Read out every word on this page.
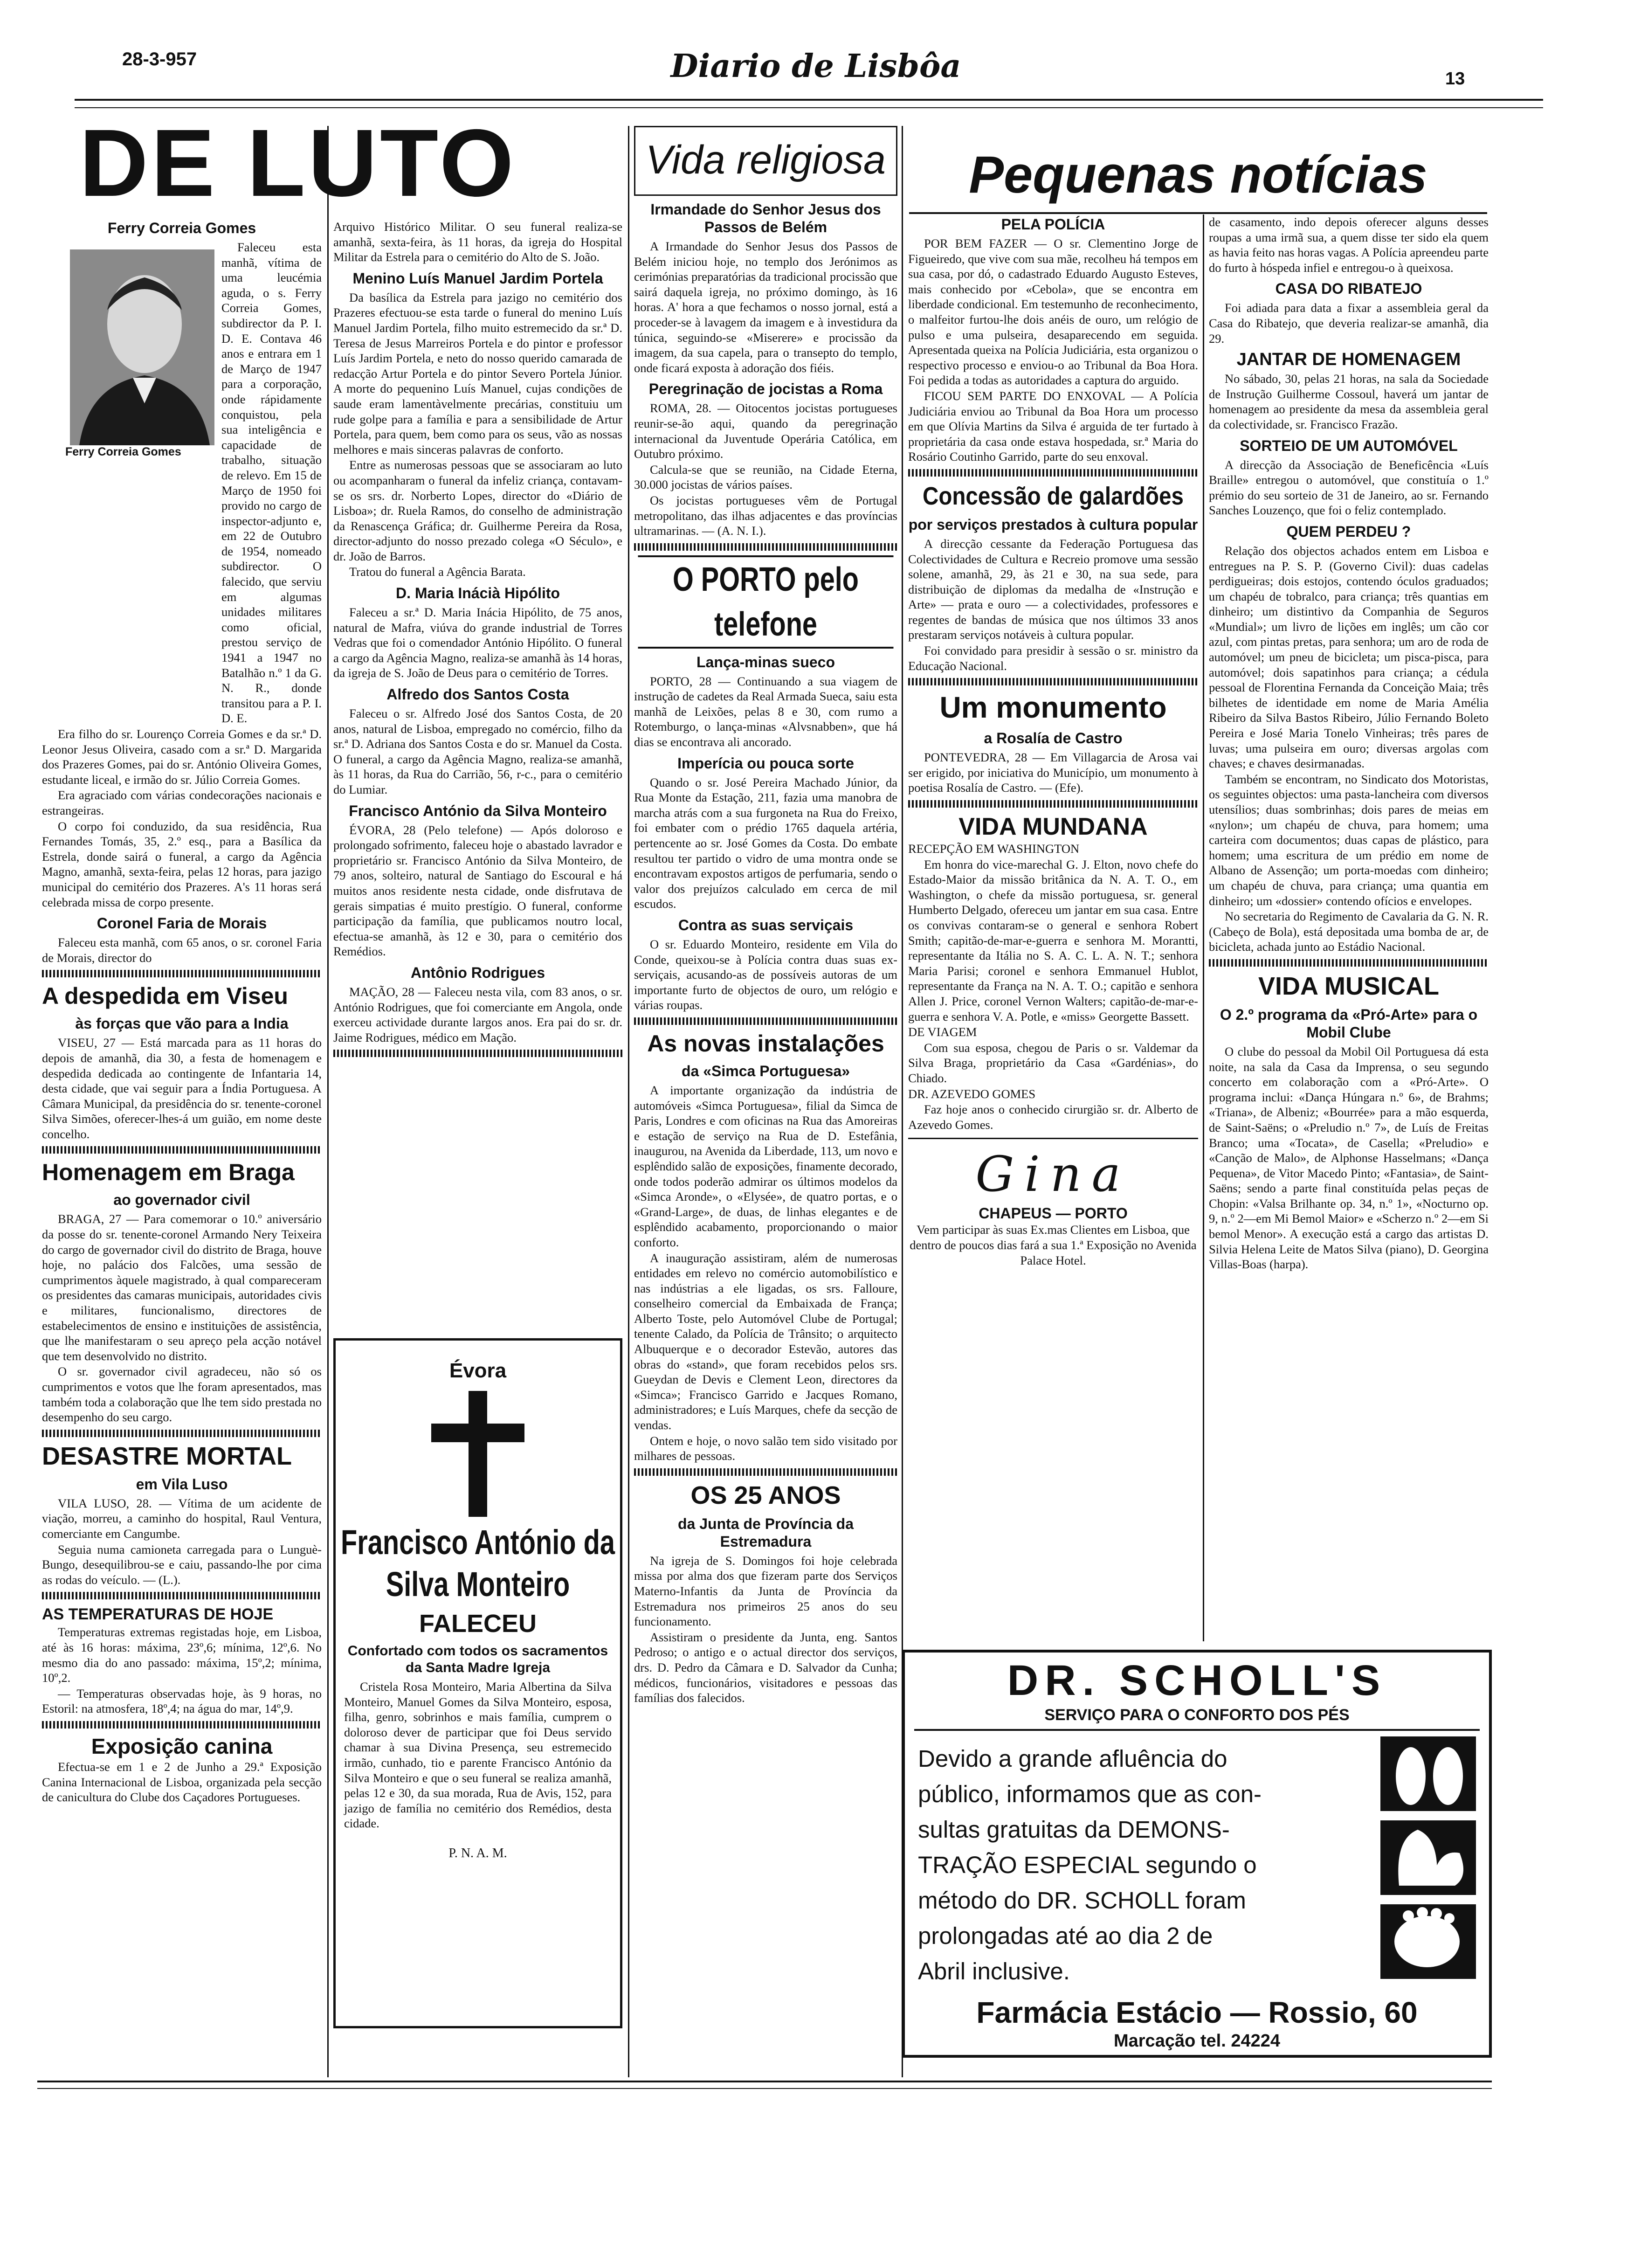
28-3-957	Diario de Lisbôa	13
DE LUTO
Ferry Correia Gomes
Ferry Correia Gomes

Faleceu esta manhã, vítima de uma leucémia aguda, o s. Ferry Correia Gomes, subdirector da P. I. D. E. Contava 46 anos e entrara em 1 de Março de 1947 para a corporação, onde rápidamente conquistou, pela sua inteligência e capacidade de trabalho, situação de relevo. Em 15 de Março de 1950 foi provido no cargo de inspector-adjunto e, em 22 de Outubro de 1954, nomeado subdirector. O falecido, que serviu em algumas unidades militares como oficial, prestou serviço de 1941 a 1947 no Batalhão n.º 1 da G. N. R., donde transitou para a P. I. D. E.

Era filho do sr. Lourenço Correia Gomes e da sr.ª D. Leonor Jesus Oliveira, casado com a sr.ª D. Margarida dos Prazeres Gomes, pai do sr. António Oliveira Gomes, estudante liceal, e irmão do sr. Júlio Correia Gomes.

Era agraciado com várias condecorações nacionais e estrangeiras.

O corpo foi conduzido, da sua residência, Rua Fernandes Tomás, 35, 2.º esq., para a Basílica da Estrela, donde sairá o funeral, a cargo da Agência Magno, amanhã, sexta-feira, pelas 12 horas, para jazigo municipal do cemitério dos Prazeres. A's 11 horas será celebrada missa de corpo presente.

Coronel Faria de Morais

Faleceu esta manhã, com 65 anos, o sr. coronel Faria de Morais, director do

A despedida em Viseu
às forças que vão para a India

VISEU, 27 — Está marcada para as 11 horas do depois de amanhã, dia 30, a festa de homenagem e despedida dedicada ao contingente de Infantaria 14, desta cidade, que vai seguir para a Índia Portuguesa. A Câmara Municipal, da presidência do sr. tenente-coronel Silva Simões, oferecer-lhes-á um guião, em nome deste concelho.

Homenagem em Braga
ao governador civil

BRAGA, 27 — Para comemorar o 10.º aniversário da posse do sr. tenente-coronel Armando Nery Teixeira do cargo de governador civil do distrito de Braga, houve hoje, no palácio dos Falcões, uma sessão de cumprimentos àquele magistrado, à qual compareceram os presidentes das camaras municipais, autoridades civis e militares, funcionalismo, directores de estabelecimentos de ensino e instituições de assistência, que lhe manifestaram o seu apreço pela acção notável que tem desenvolvido no distrito.

O sr. governador civil agradeceu, não só os cumprimentos e votos que lhe foram apresentados, mas também toda a colaboração que lhe tem sido prestada no desempenho do seu cargo.

DESASTRE MORTAL
em Vila Luso

VILA LUSO, 28. — Vítima de um acidente de viação, morreu, a caminho do hospital, Raul Ventura, comerciante em Cangumbe.

Seguia numa camioneta carregada para o Lunguè-Bungo, desequilibrou-se e caiu, passando-lhe por cima as rodas do veículo. — (L.).

AS TEMPERATURAS DE HOJE

Temperaturas extremas registadas hoje, em Lisboa, até às 16 horas: máxima, 23º,6; mínima, 12º,6. No mesmo dia do ano passado: máxima, 15º,2; mínima, 10º,2.

— Temperaturas observadas hoje, às 9 horas, no Estoril: na atmosfera, 18º,4; na água do mar, 14º,9.

Exposição canina

Efectua-se em 1 e 2 de Junho a 29.ª Exposição Canina Internacional de Lisboa, organizada pela secção de canicultura do Clube dos Caçadores Portugueses.

Arquivo Histórico Militar. O seu funeral realiza-se amanhã, sexta-feira, às 11 horas, da igreja do Hospital Militar da Estrela para o cemitério do Alto de S. João.

Menino Luís Manuel Jardim Portela

Da basílica da Estrela para jazigo no cemitério dos Prazeres efectuou-se esta tarde o funeral do menino Luís Manuel Jardim Portela, filho muito estremecido da sr.ª D. Teresa de Jesus Marreiros Portela e do pintor e professor Luís Jardim Portela, e neto do nosso querido camarada de redacção Artur Portela e do pintor Severo Portela Júnior. A morte do pequenino Luís Manuel, cujas condições de saude eram lamentàvelmente precárias, constituiu um rude golpe para a família e para a sensibilidade de Artur Portela, para quem, bem como para os seus, vão as nossas melhores e mais sinceras palavras de conforto.

Entre as numerosas pessoas que se associaram ao luto ou acompanharam o funeral da infeliz criança, contavam-se os srs. dr. Norberto Lopes, director do «Diário de Lisboa»; dr. Ruela Ramos, do conselho de administração da Renascença Gráfica; dr. Guilherme Pereira da Rosa, director-adjunto do nosso prezado colega «O Século», e dr. João de Barros.

Tratou do funeral a Agência Barata.

D. Maria Inácià Hipólito

Faleceu a sr.ª D. Maria Inácia Hipólito, de 75 anos, natural de Mafra, viúva do grande industrial de Torres Vedras que foi o comendador António Hipólito. O funeral a cargo da Agência Magno, realiza-se amanhã às 14 horas, da igreja de S. João de Deus para o cemitério de Torres.

Alfredo dos Santos Costa

Faleceu o sr. Alfredo José dos Santos Costa, de 20 anos, natural de Lisboa, empregado no comércio, filho da sr.ª D. Adriana dos Santos Costa e do sr. Manuel da Costa. O funeral, a cargo da Agência Magno, realiza-se amanhã, às 11 horas, da Rua do Carrião, 56, r-c., para o cemitério do Lumiar.

Francisco António da Silva Monteiro

ÉVORA, 28 (Pelo telefone) — Após doloroso e prolongado sofrimento, faleceu hoje o abastado lavrador e proprietário sr. Francisco António da Silva Monteiro, de 79 anos, solteiro, natural de Santiago do Escoural e há muitos anos residente nesta cidade, onde disfrutava de gerais simpatias é muito prestígio. O funeral, conforme participação da família, que publicamos noutro local, efectua-se amanhã, às 12 e 30, para o cemitério dos Remédios.

Antônio Rodrigues

MAÇÃO, 28 — Faleceu nesta vila, com 83 anos, o sr. António Rodrigues, que foi comerciante em Angola, onde exerceu actividade durante largos anos. Era pai do sr. dr. Jaime Rodrigues, médico em Mação.

Évora
Francisco António da Silva Monteiro
FALECEU
Confortado com todos os sacramentos da Santa Madre Igreja

Cristela Rosa Monteiro, Maria Albertina da Silva Monteiro, Manuel Gomes da Silva Monteiro, esposa, filha, genro, sobrinhos e mais família, cumprem o doloroso dever de participar que foi Deus servido chamar à sua Divina Presença, seu estremecido irmão, cunhado, tio e parente Francisco António da Silva Monteiro e que o seu funeral se realiza amanhã, pelas 12 e 30, da sua morada, Rua de Avis, 152, para jazigo de família no cemitério dos Remédios, desta cidade.

P. N. A. M.
Vida religiosa
Irmandade do Senhor Jesus dos Passos de Belém

A Irmandade do Senhor Jesus dos Passos de Belém iniciou hoje, no templo dos Jerónimos as cerimónias preparatórias da tradicional procissão que sairá daquela igreja, no próximo domingo, às 16 horas. A' hora a que fechamos o nosso jornal, está a proceder-se à lavagem da imagem e à investidura da túnica, seguindo-se «Miserere» e procissão da imagem, da sua capela, para o transepto do templo, onde ficará exposta à adoração dos fiéis.

Peregrinação de jocistas a Roma

ROMA, 28. — Oitocentos jocistas portugueses reunir-se-ão aqui, quando da peregrinação internacional da Juventude Operária Católica, em Outubro próximo.

Calcula-se que se reunião, na Cidade Eterna, 30.000 jocistas de vários países.

Os jocistas portugueses vêm de Portugal metropolitano, das ilhas adjacentes e das províncias ultramarinas. — (A. N. I.).

O PORTO pelo telefone
Lança-minas sueco

PORTO, 28 — Continuando a sua viagem de instrução de cadetes da Real Armada Sueca, saiu esta manhã de Leixões, pelas 8 e 30, com rumo a Rotemburgo, o lança-minas «Alvsnabben», que há dias se encontrava ali ancorado.

Imperícia ou pouca sorte

Quando o sr. José Pereira Machado Júnior, da Rua Monte da Estação, 211, fazia uma manobra de marcha atrás com a sua furgoneta na Rua do Freixo, foi embater com o prédio 1765 daquela artéria, pertencente ao sr. José Gomes da Costa. Do embate resultou ter partido o vidro de uma montra onde se encontravam expostos artigos de perfumaria, sendo o valor dos prejuízos calculado em cerca de mil escudos.

Contra as suas serviçais

O sr. Eduardo Monteiro, residente em Vila do Conde, queixou-se à Polícia contra duas suas ex-serviçais, acusando-as de possíveis autoras de um importante furto de objectos de ouro, um relógio e várias roupas.

As novas instalações
da «Simca Portuguesa»

A importante organização da indústria de automóveis «Simca Portuguesa», filial da Simca de Paris, Londres e com oficinas na Rua das Amoreiras e estação de serviço na Rua de D. Estefânia, inaugurou, na Avenida da Liberdade, 113, um novo e esplêndido salão de exposições, finamente decorado, onde todos poderão admirar os últimos modelos da «Simca Aronde», o «Elysée», de quatro portas, e o «Grand-Large», de duas, de linhas elegantes e de esplêndido acabamento, proporcionando o maior conforto.

A inauguração assistiram, além de numerosas entidades em relevo no comércio automobilístico e nas indústrias a ele ligadas, os srs. Falloure, conselheiro comercial da Embaixada de França; Alberto Toste, pelo Automóvel Clube de Portugal; tenente Calado, da Polícia de Trânsito; o arquitecto Albuquerque e o decorador Estevão, autores das obras do «stand», que foram recebidos pelos srs. Gueydan de Devis e Clement Leon, directores da «Simca»; Francisco Garrido e Jacques Romano, administradores; e Luís Marques, chefe da secção de vendas.

Ontem e hoje, o novo salão tem sido visitado por milhares de pessoas.

OS 25 ANOS
da Junta de Província da Estremadura

Na igreja de S. Domingos foi hoje celebrada missa por alma dos que fizeram parte dos Serviços Materno-Infantis da Junta de Província da Estremadura nos primeiros 25 anos do seu funcionamento.

Assistiram o presidente da Junta, eng. Santos Pedroso; o antigo e o actual director dos serviços, drs. D. Pedro da Câmara e D. Salvador da Cunha; médicos, funcionários, visitadores e pessoas das famílias dos falecidos.

Pequenas notícias
PELA POLÍCIA

POR BEM FAZER — O sr. Clementino Jorge de Figueiredo, que vive com sua mãe, recolheu há tempos em sua casa, por dó, o cadastrado Eduardo Augusto Esteves, mais conhecido por «Cebola», que se encontra em liberdade condicional. Em testemunho de reconhecimento, o malfeitor furtou-lhe dois anéis de ouro, um relógio de pulso e uma pulseira, desaparecendo em seguida. Apresentada queixa na Polícia Judiciária, esta organizou o respectivo processo e enviou-o ao Tribunal da Boa Hora. Foi pedida a todas as autoridades a captura do arguido.

FICOU SEM PARTE DO ENXOVAL — A Polícia Judiciária enviou ao Tribunal da Boa Hora um processo em que Olívia Martins da Silva é arguida de ter furtado à proprietária da casa onde estava hospedada, sr.ª Maria do Rosário Coutinho Garrido, parte do seu enxoval.

Concessão de galardões
por serviços prestados à cultura popular

A direcção cessante da Federação Portuguesa das Colectividades de Cultura e Recreio promove uma sessão solene, amanhã, 29, às 21 e 30, na sua sede, para distribuição de diplomas da medalha de «Instrução e Arte» — prata e ouro — a colectividades, professores e regentes de bandas de música que nos últimos 33 anos prestaram serviços notáveis à cultura popular.

Foi convidado para presidir à sessão o sr. ministro da Educação Nacional.

Um monumento
a Rosalía de Castro

PONTEVEDRA, 28 — Em Villagarcia de Arosa vai ser erigido, por iniciativa do Município, um monumento à poetisa Rosalía de Castro. — (Efe).

VIDA MUNDANA

RECEPÇÃO EM WASHINGTON

Em honra do vice-marechal G. J. Elton, novo chefe do Estado-Maior da missão britânica da N. A. T. O., em Washington, o chefe da missão portuguesa, sr. general Humberto Delgado, ofereceu um jantar em sua casa. Entre os convivas contaram-se o general e senhora Robert Smith; capitão-de-mar-e-guerra e senhora M. Morantti, representante da Itália no S. A. C. L. A. N. T.; senhora Maria Parisi; coronel e senhora Emmanuel Hublot, representante da França na N. A. T. O.; capitão e senhora Allen J. Price, coronel Vernon Walters; capitão-de-mar-e-guerra e senhora V. A. Potle, e «miss» Georgette Bassett.

DE VIAGEM

Com sua esposa, chegou de Paris o sr. Valdemar da Silva Braga, proprietário da Casa «Gardénias», do Chiado.

DR. AZEVEDO GOMES

Faz hoje anos o conhecido cirurgião sr. dr. Alberto de Azevedo Gomes.

Gina
CHAPEUS — PORTO

Vem participar às suas Ex.mas Clientes em Lisboa, que dentro de poucos dias fará a sua 1.ª Exposição no Avenida Palace Hotel.

de casamento, indo depois oferecer alguns desses roupas a uma irmã sua, a quem disse ter sido ela quem as havia feito nas horas vagas. A Polícia apreendeu parte do furto à hóspeda infiel e entregou-o à queixosa.

CASA DO RIBATEJO

Foi adiada para data a fixar a assembleia geral da Casa do Ribatejo, que deveria realizar-se amanhã, dia 29.

JANTAR DE HOMENAGEM

No sábado, 30, pelas 21 horas, na sala da Sociedade de Instrução Guilherme Cossoul, haverá um jantar de homenagem ao presidente da mesa da assembleia geral da colectividade, sr. Francisco Frazão.

SORTEIO DE UM AUTOMÓVEL

A direcção da Associação de Beneficência «Luís Braille» entregou o automóvel, que constituía o 1.º prémio do seu sorteio de 31 de Janeiro, ao sr. Fernando Sanches Louzenço, que foi o feliz contemplado.

QUEM PERDEU ?

Relação dos objectos achados entem em Lisboa e entregues na P. S. P. (Governo Civil): duas cadelas perdigueiras; dois estojos, contendo óculos graduados; um chapéu de tobralco, para criança; três quantias em dinheiro; um distintivo da Companhia de Seguros «Mundial»; um livro de lições em inglês; um cão cor azul, com pintas pretas, para senhora; um aro de roda de automóvel; um pneu de bicicleta; um pisca-pisca, para automóvel; dois sapatinhos para criança; a cédula pessoal de Florentina Fernanda da Conceição Maia; três bilhetes de identidade em nome de Maria Amélia Ribeiro da Silva Bastos Ribeiro, Júlio Fernando Boleto Pereira e José Maria Tonelo Vinheiras; três pares de luvas; uma pulseira em ouro; diversas argolas com chaves; e chaves desirmanadas.

Também se encontram, no Sindicato dos Motoristas, os seguintes objectos: uma pasta-lancheira com diversos utensílios; duas sombrinhas; dois pares de meias em «nylon»; um chapéu de chuva, para homem; uma carteira com documentos; duas capas de plástico, para homem; uma escritura de um prédio em nome de Albano de Assenção; um porta-moedas com dinheiro; um chapéu de chuva, para criança; uma quantia em dinheiro; um «dossier» contendo ofícios e envelopes.

No secretaria do Regimento de Cavalaria da G. N. R. (Cabeço de Bola), está depositada uma bomba de ar, de bicicleta, achada junto ao Estádio Nacional.

VIDA MUSICAL
O 2.º programa da «Pró-Arte» para o Mobil Clube

O clube do pessoal da Mobil Oil Portuguesa dá esta noite, na sala da Casa da Imprensa, o seu segundo concerto em colaboração com a «Pró-Arte». O programa inclui: «Dança Húngara n.º 6», de Brahms; «Triana», de Albeniz; «Bourrée» para a mão esquerda, de Saint-Saëns; o «Preludio n.º 7», de Luís de Freitas Branco; uma «Tocata», de Casella; «Preludio» e «Canção de Malo», de Alphonse Hasselmans; «Dança Pequena», de Vitor Macedo Pinto; «Fantasia», de Saint-Saëns; sendo a parte final constituída pelas peças de Chopin: «Valsa Brilhante op. 34, n.º 1», «Nocturno op. 9, n.º 2—em Mi Bemol Maior» e «Scherzo n.º 2—em Si bemol Menor». A execução está a cargo das artistas D. Silvia Helena Leite de Matos Silva (piano), D. Georgina Villas-Boas (harpa).

DR. SCHOLL'S
SERVIÇO PARA O CONFORTO DOS PÉS
Devido a grande afluência do
público, informamos que as con-
sultas gratuitas da DEMONS-
TRAÇÃO ESPECIAL segundo o
método do DR. SCHOLL foram
prolongadas até ao dia 2 de
Abril inclusive.
Farmácia Estácio — Rossio, 60
Marcação tel. 24224
